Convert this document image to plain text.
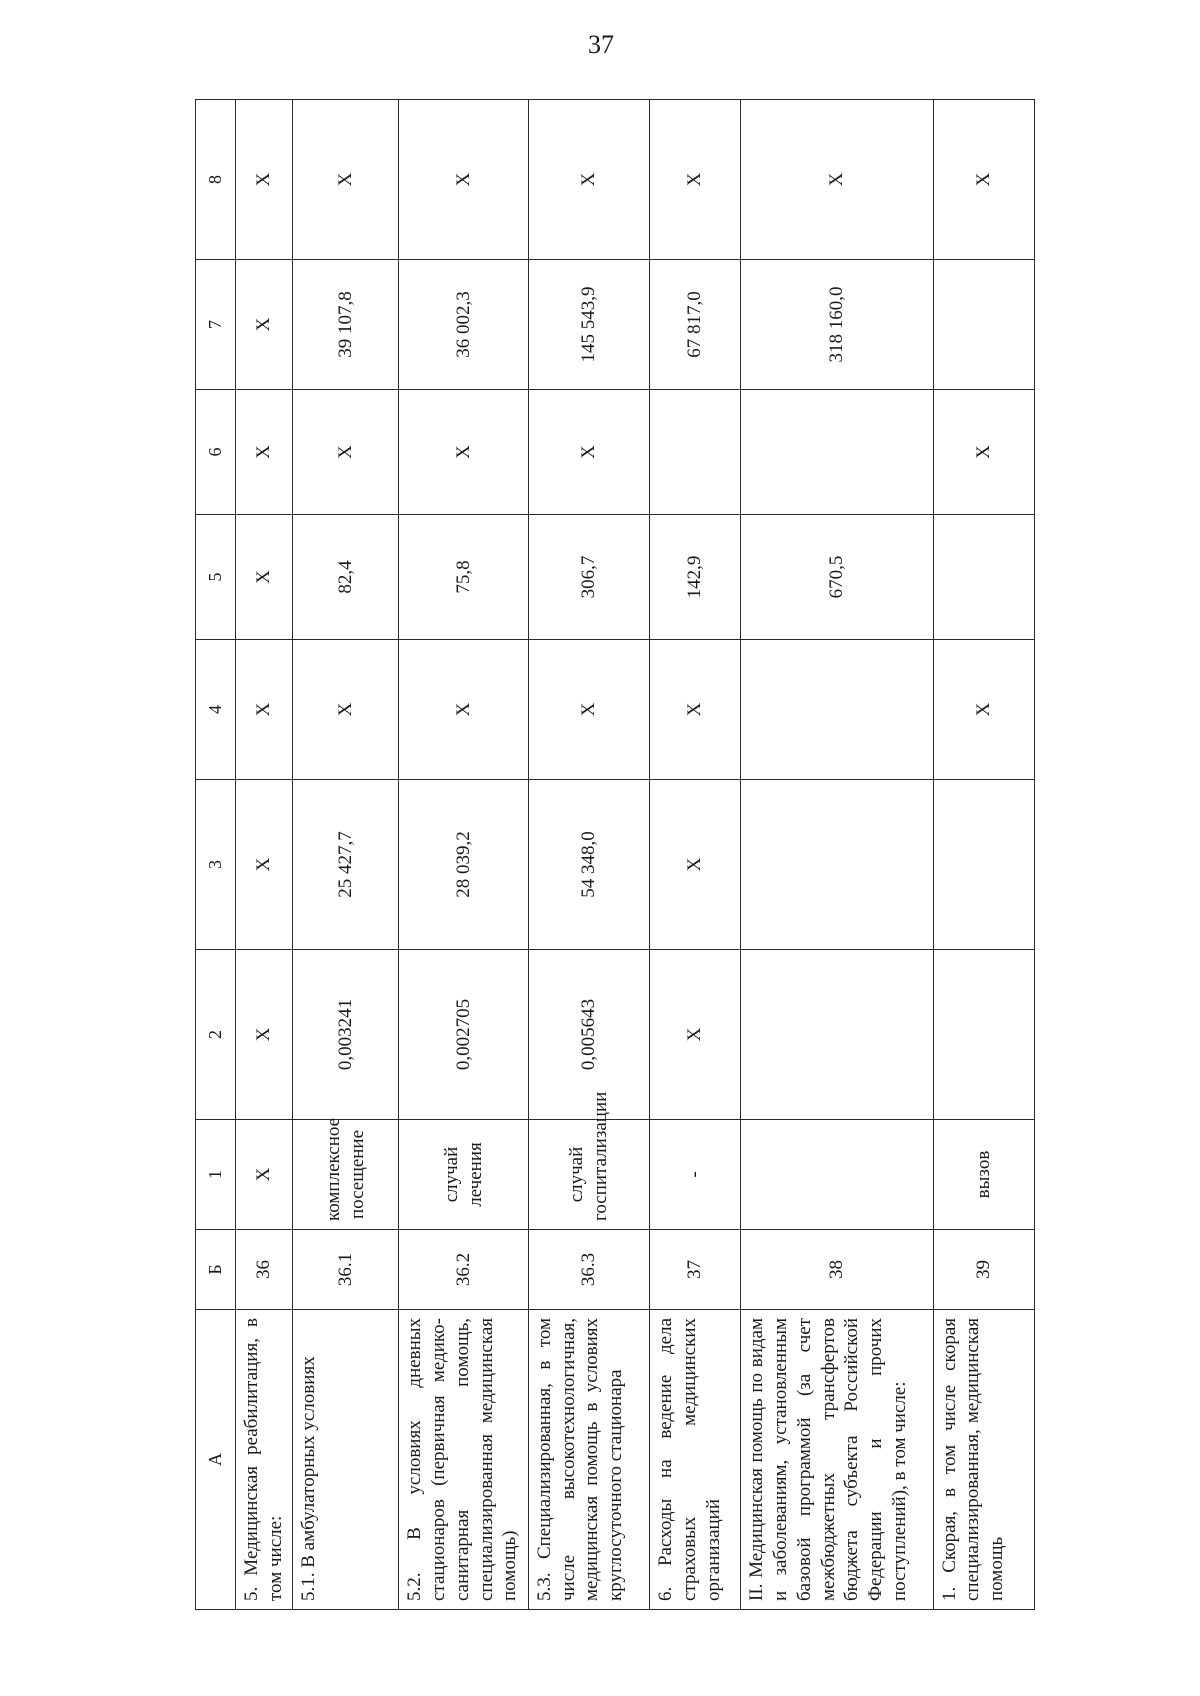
37
А	Б	1	2	3	4	5	6	7	8
5. Медицинская реабилитация, в том числе:	36	X	X	X	X	X	X	X	X
5.1. В амбулаторных условиях	36.1	комплексное посещение	0,003241	25 427,7	X	82,4	X	39 107,8	X
5.2. В условиях дневных стационаров (первичная медико-санитарная помощь, специализированная медицинская помощь)	36.2	случай лечения	0,002705	28 039,2	X	75,8	X	36 002,3	X
5.3. Специализированная, в том числе высокотехнологичная, медицинская помощь в условиях круглосуточного стационара	36.3	случай госпитализации	0,005643	54 348,0	X	306,7	X	145 543,9	X
6. Расходы на ведение дела страховых медицинских организаций	37	-	X	X	X	142,9		67 817,0	X
II. Медицинская помощь по видам и заболеваниям, установленным базовой программой (за счет межбюджетных трансфертов бюджета субъекта Российской Федерации и прочих поступлений), в том числе:	38					670,5		318 160,0	X
1. Скорая, в том числе скорая специализированная, медицинская помощь	39	вызов			X		X		X
